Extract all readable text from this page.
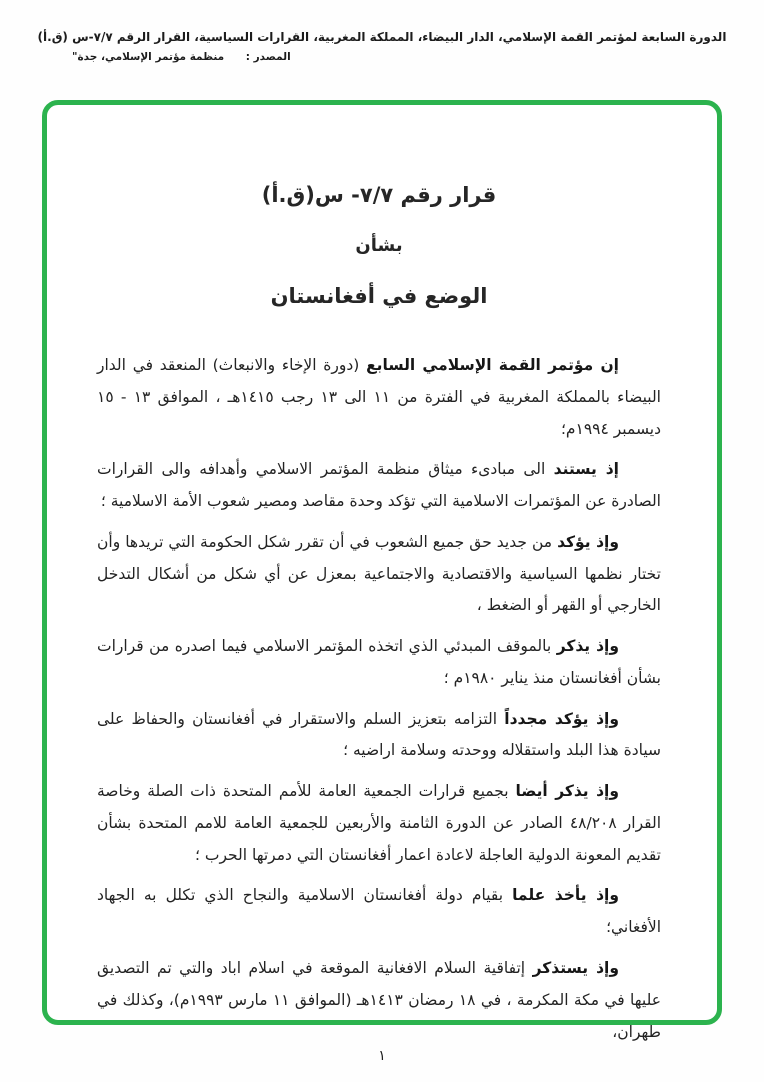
الدورة السابعة لمؤتمر القمة الإسلامي، الدار البيضاء، المملكة المغربية، القرارات السياسية، القرار الرقم ٧/٧-س (ق.أ)
المصدر : منظمة مؤتمر الإسلامي، جدة"
قرار رقم ٧/٧- س(ق.أ)
بشأن
الوضع في أفغانستان

إن مؤتمر القمة الإسلامي السابع (دورة الإخاء والانبعاث) المنعقد في الدار البيضاء بالمملكة المغربية في الفترة من ١١ الى ١٣ رجب ١٤١٥هـ ، الموافق ١٣ - ١٥ ديسمبر ١٩٩٤م؛

إذ يستند الى مبادىء ميثاق منظمة المؤتمر الاسلامي وأهدافه والى القرارات الصادرة عن المؤتمرات الاسلامية التي تؤكد وحدة مقاصد ومصير شعوب الأمة الاسلامية ؛

وإذ يؤكد من جديد حق جميع الشعوب في أن تقرر شكل الحكومة التي تريدها وأن تختار نظمها السياسية والاقتصادية والاجتماعية بمعزل عن أي شكل من أشكال التدخل الخارجي أو القهر أو الضغط ،

وإذ يذكر بالموقف المبدئي الذي اتخذه المؤتمر الاسلامي فيما اصدره من قرارات بشأن أفغانستان منذ يناير ١٩٨٠م ؛

وإذ يؤكد مجدداً التزامه بتعزيز السلم والاستقرار في أفغانستان والحفاظ على سيادة هذا البلد واستقلاله ووحدته وسلامة اراضيه ؛

وإذ يذكر أيضا بجميع قرارات الجمعية العامة للأمم المتحدة ذات الصلة وخاصة القرار ٤٨/٢٠٨ الصادر عن الدورة الثامنة والأربعين للجمعية العامة للامم المتحدة بشأن تقديم المعونة الدولية العاجلة لاعادة اعمار أفغانستان التي دمرتها الحرب ؛

وإذ يأخذ علما بقيام دولة أفغانستان الاسلامية والنجاح الذي تكلل به الجهاد الأفغاني؛

وإذ يستذكر إتفاقية السلام الافغانية الموقعة في اسلام اباد والتي تم التصديق عليها في مكة المكرمة ، في ١٨ رمضان ١٤١٣هـ (الموافق ١١ مارس ١٩٩٣م)، وكذلك في طهران،

١
